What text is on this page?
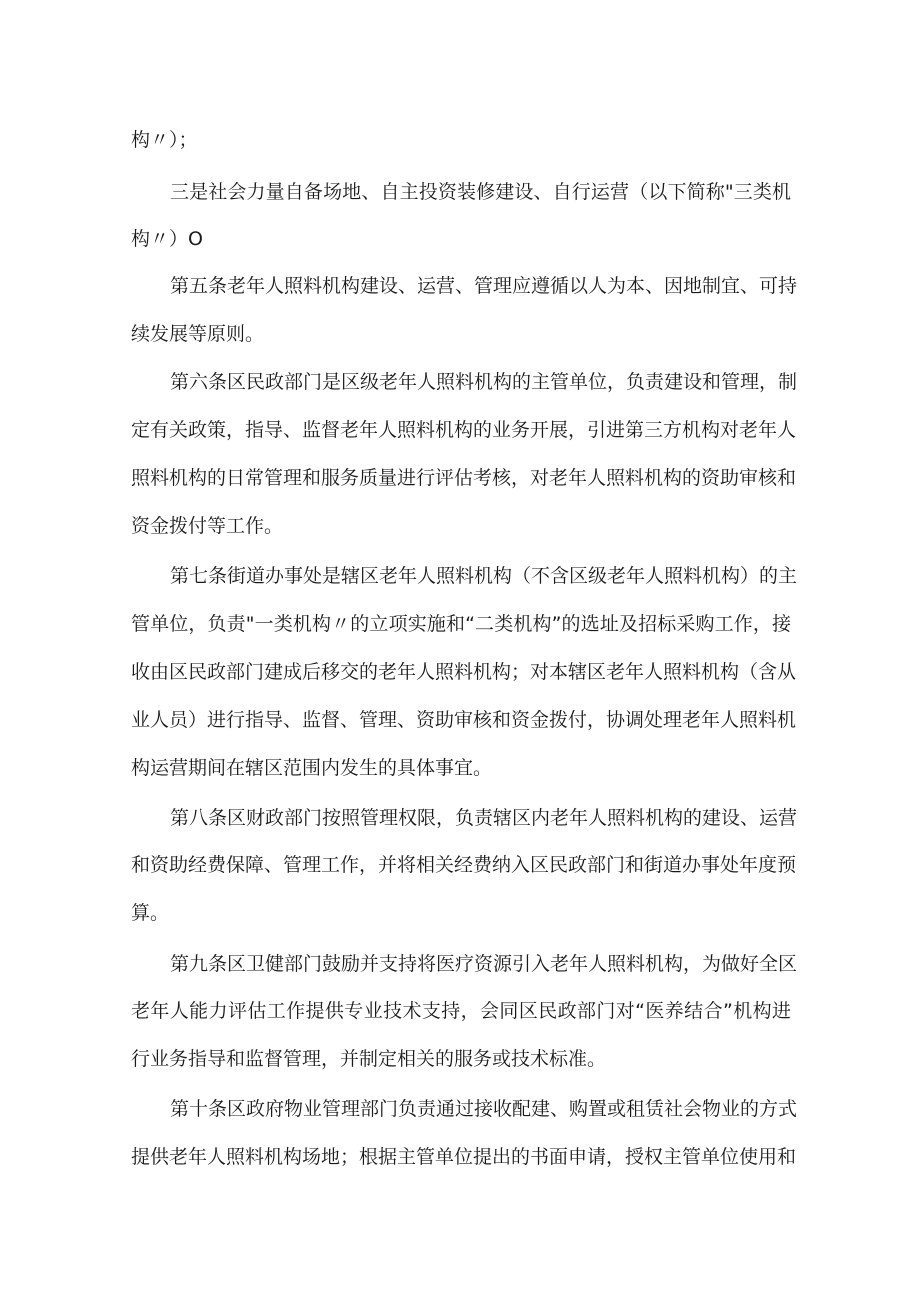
构〃）；
三是社会力量自备场地、自主投资装修建设、自行运营（以下简称"三类机
构〃）O
第五条老年人照料机构建设、运营、管理应遵循以人为本、因地制宜、可持
续发展等原则。
第六条区民政部门是区级老年人照料机构的主管单位，负责建设和管理，制
定有关政策，指导、监督老年人照料机构的业务开展，引进第三方机构对老年人
照料机构的日常管理和服务质量进行评估考核，对老年人照料机构的资助审核和
资金拨付等工作。
第七条街道办事处是辖区老年人照料机构（不含区级老年人照料机构）的主
管单位，负责"一类机构〃的立项实施和“二类机构”的选址及招标采购工作，接
收由区民政部门建成后移交的老年人照料机构；对本辖区老年人照料机构（含从
业人员）进行指导、监督、管理、资助审核和资金拨付，协调处理老年人照料机
构运营期间在辖区范围内发生的具体事宜。
第八条区财政部门按照管理权限，负责辖区内老年人照料机构的建设、运营
和资助经费保障、管理工作，并将相关经费纳入区民政部门和街道办事处年度预
算。
第九条区卫健部门鼓励并支持将医疗资源引入老年人照料机构，为做好全区
老年人能力评估工作提供专业技术支持，会同区民政部门对“医养结合”机构进
行业务指导和监督管理，并制定相关的服务或技术标准。
第十条区政府物业管理部门负责通过接收配建、购置或租赁社会物业的方式
提供老年人照料机构场地；根据主管单位提出的书面申请，授权主管单位使用和
